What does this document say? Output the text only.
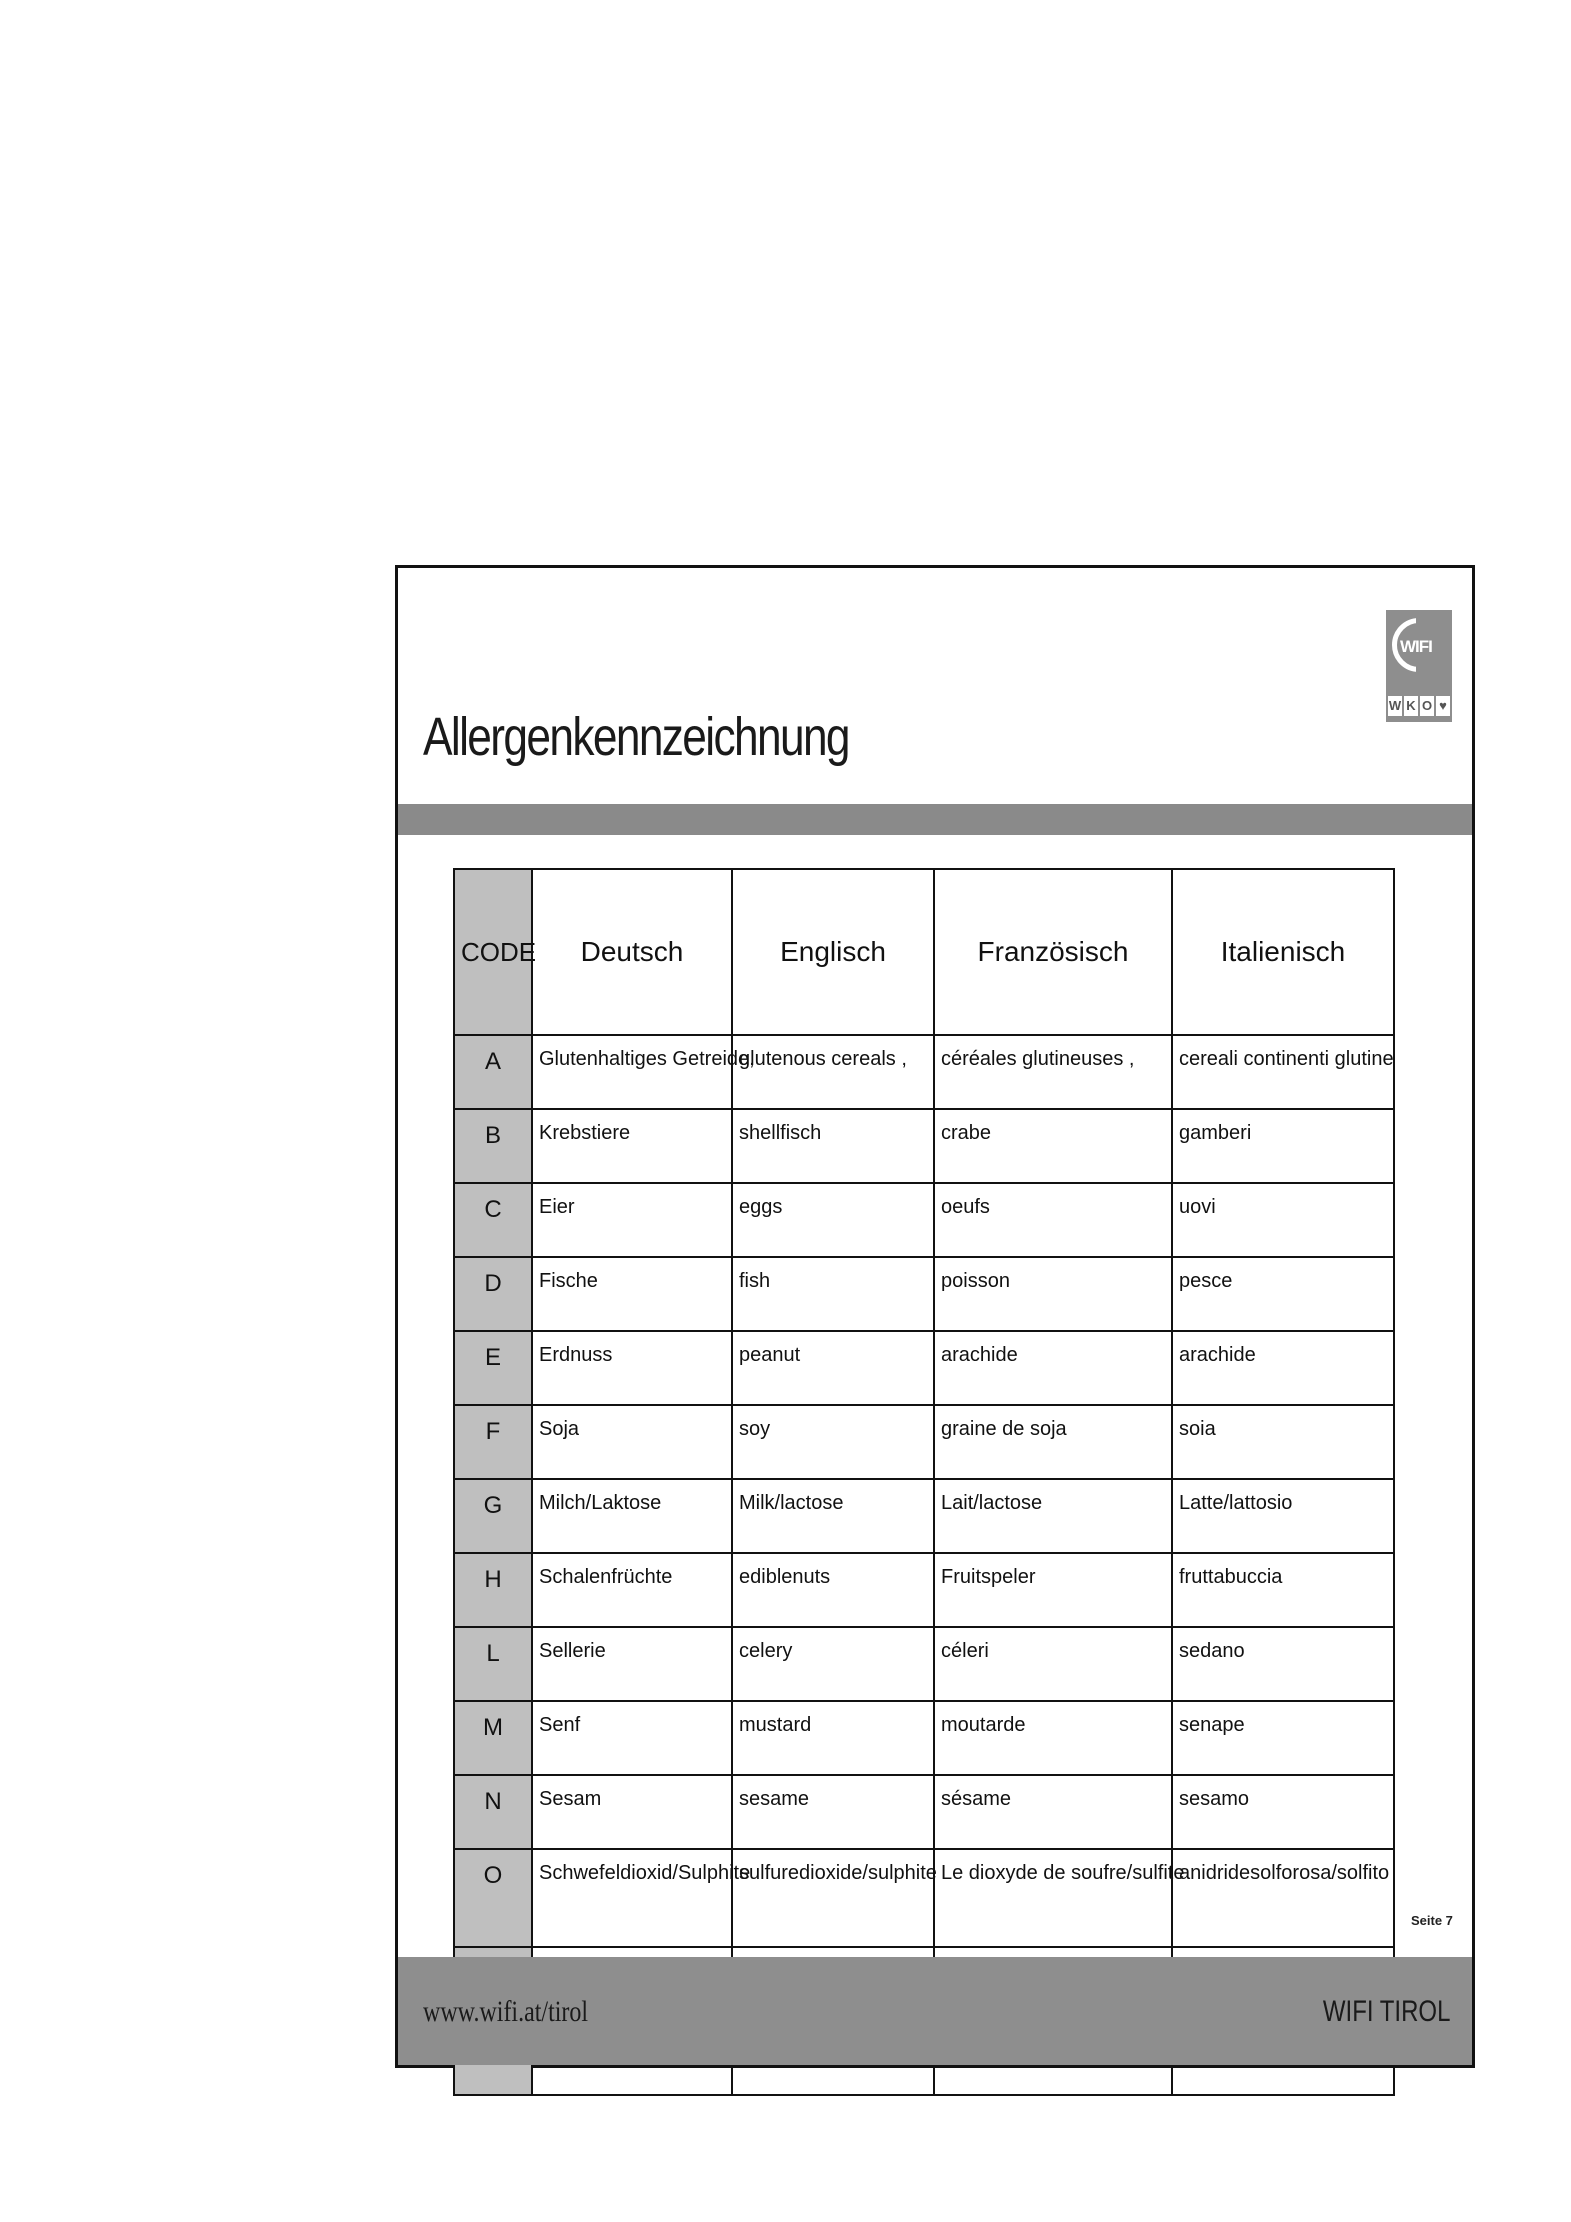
Allergenkennzeichnung
WIFI
W K O ♥
CODE	Deutsch	Englisch	Französisch	Italienisch
A	Glutenhaltiges Getreide,	glutenous cereals ,	céréales glutineuses ,	cereali continenti glutine
B	Krebstiere	shellfisch	crabe	gamberi
C	Eier	eggs	oeufs	uovi
D	Fische	fish	poisson	pesce
E	Erdnuss	peanut	arachide	arachide
F	Soja	soy	graine de soja	soia
G	Milch/Laktose	Milk/lactose	Lait/lactose	Latte/lattosio
H	Schalenfrüchte	ediblenuts	Fruitspeler	fruttabuccia
L	Sellerie	celery	céleri	sedano
M	Senf	mustard	moutarde	senape
N	Sesam	sesame	sésame	sesamo
O	Schwefeldioxid/Sulphite	sulfuredioxide/sulphite	Le dioxyde de soufre/sulfite	anidridesolforosa/solfito

Seite 7
www.wifi.at/tirol	WIFI TIROL
